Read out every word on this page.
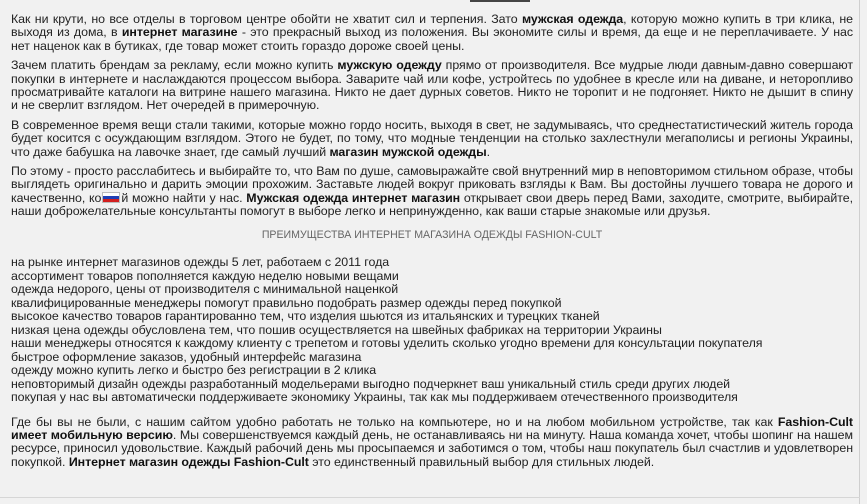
Как ни крути, но все отделы в торговом центре обойти не хватит сил и терпения. Зато мужская одежда, которую можно купить в три клика, не выходя из дома, в интернет магазине - это прекрасный выход из положения. Вы экономите силы и время, да еще и не переплачиваете. У нас нет наценок как в бутиках, где товар может стоить гораздо дороже своей цены.

Зачем платить брендам за рекламу, если можно купить мужскую одежду прямо от производителя. Все мудрые люди давным-давно совершают покупки в интернете и наслаждаются процессом выбора. Заварите чай или кофе, устройтесь по удобнее в кресле или на диване, и неторопливо просматривайте каталоги на витрине нашего магазина. Никто не дает дурных советов. Никто не торопит и не подгоняет. Никто не дышит в спину и не сверлит взглядом. Нет очередей в примерочную.

В современное время вещи стали такими, которые можно гордо носить, выходя в свет, не задумываясь, что среднестатистический житель города будет косится с осуждающим взглядом. Этого не будет, по тому, что модные тенденции на столько захлестнули мегаполисы и регионы Украины, что даже бабушка на лавочке знает, где самый лучший магазин мужской одежды.

По этому - просто расслабитесь и выбирайте то, что Вам по душе, самовыражайте свой внутренний мир в неповторимом стильном образе, чтобы выглядеть оригинально и дарить эмоции прохожим. Заставьте людей вокруг приковать взгляды к Вам. Вы достойны лучшего товара не дорого и качественно, ко й можно найти у нас. Мужская одежда интернет магазин открывает свои дверь перед Вами, заходите, смотрите, выбирайте, наши доброжелательные консультанты помогут в выборе легко и непринужденно, как ваши старые знакомые или друзья.

ПРЕИМУЩЕСТВА ИНТЕРНЕТ МАГАЗИНА ОДЕЖДЫ FASHION-CULT
на рынке интернет магазинов одежды 5 лет, работаем с 2011 года
ассортимент товаров пополняется каждую неделю новыми вещами
одежда недорого, цены от производителя с минимальной наценкой
квалифицированные менеджеры помогут правильно подобрать размер одежды перед покупкой
высокое качество товаров гарантированно тем, что изделия шьются из итальянских и турецких тканей
низкая цена одежды обусловлена тем, что пошив осуществляется на швейных фабриках на территории Украины
наши менеджеры относятся к каждому клиенту с трепетом и готовы уделить сколько угодно времени для консультации покупателя
быстрое оформление заказов, удобный интерфейс магазина
одежду можно купить легко и быстро без регистрации в 2 клика
неповторимый дизайн одежды разработанный модельерами выгодно подчеркнет ваш уникальный стиль среди других людей
покупая у нас вы автоматически поддерживаете экономику Украины, так как мы поддерживаем отечественного производителя

Где бы вы не были, с нашим сайтом удобно работать не только на компьютере, но и на любом мобильном устройстве, так как Fashion-Cult имеет мобильную версию. Мы совершенствуемся каждый день, не останавливаясь ни на минуту. Наша команда хочет, чтобы шопинг на нашем ресурсе, приносил удовольствие. Каждый рабочий день мы просыпаемся и заботимся о том, чтобы наш покупатель был счастлив и удовлетворен покупкой. Интернет магазин одежды Fashion-Cult это единственный правильный выбор для стильных людей.
